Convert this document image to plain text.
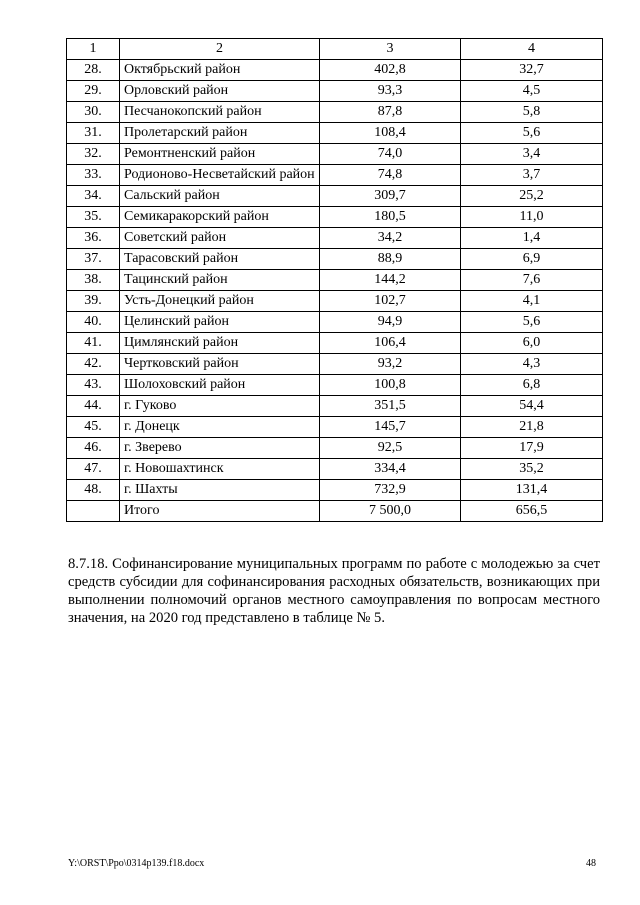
1	2	3	4
28.	Октябрьский район	402,8	32,7
29.	Орловский район	93,3	4,5
30.	Песчанокопский район	87,8	5,8
31.	Пролетарский район	108,4	5,6
32.	Ремонтненский район	74,0	3,4
33.	Родионово-Несветайский район	74,8	3,7
34.	Сальский район	309,7	25,2
35.	Семикаракорский район	180,5	11,0
36.	Советский район	34,2	1,4
37.	Тарасовский район	88,9	6,9
38.	Тацинский район	144,2	7,6
39.	Усть-Донецкий район	102,7	4,1
40.	Целинский район	94,9	5,6
41.	Цимлянский район	106,4	6,0
42.	Чертковский район	93,2	4,3
43.	Шолоховский район	100,8	6,8
44.	г. Гуково	351,5	54,4
45.	г. Донецк	145,7	21,8
46.	г. Зверево	92,5	17,9
47.	г. Новошахтинск	334,4	35,2
48.	г. Шахты	732,9	131,4
	Итого	7 500,0	656,5
8.7.18. Софинансирование муниципальных программ по работе с молодежью за счет средств субсидии для софинансирования расходных обязательств, возникающих при выполнении полномочий органов местного самоуправления по вопросам местного значения, на 2020 год представлено в таблице № 5.
Y:\ORST\Ppo\0314p139.f18.docx	48
